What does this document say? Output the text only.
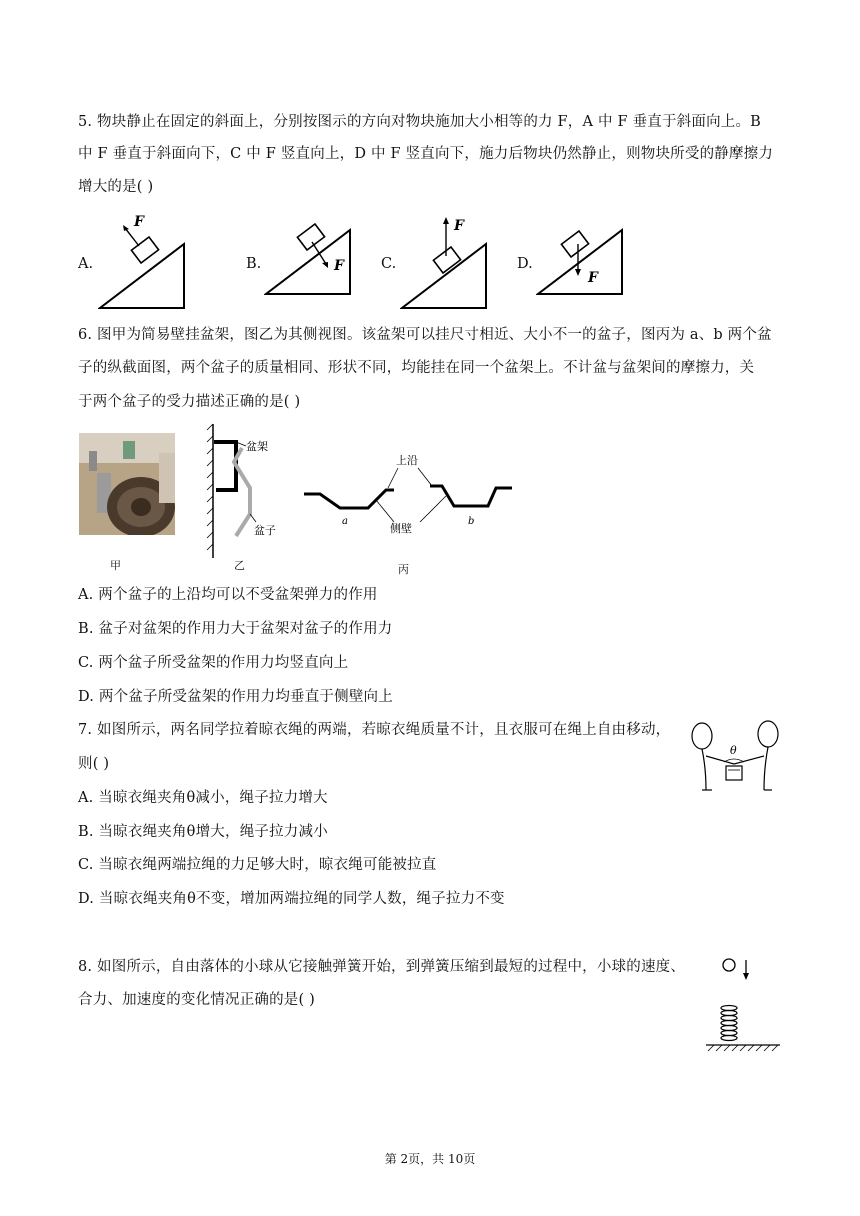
5. 物块静止在固定的斜面上，分别按图示的方向对物块施加大小相等的力 F，A 中 F 垂直于斜面向上。B
中 F 垂直于斜面向下，C 中 F 竖直向上，D 中 F 竖直向下，施力后物块仍然静止，则物块所受的静摩擦力
增大的是( )
A.
F
B.	F	C.
F
D.
F
6. 图甲为简易壁挂盆架，图乙为其侧视图。该盆架可以挂尺寸相近、大小不一的盆子，图丙为 a、b 两个盆
子的纵截面图，两个盆子的质量相同、形状不同，均能挂在同一个盆架上。不计盆与盆架间的摩擦力，关
于两个盆子的受力描述正确的是( )
甲
盆架
盆子
乙
上沿
侧壁
a	b
丙
A. 两个盆子的上沿均可以不受盆架弹力的作用
B. 盆子对盆架的作用力大于盆架对盆子的作用力
C. 两个盆子所受盆架的作用力均竖直向上
D. 两个盆子所受盆架的作用力均垂直于侧壁向上
7. 如图所示，两名同学拉着晾衣绳的两端，若晾衣绳质量不计，且衣服可在绳上自由移动，
则( )
θ
A. 当晾衣绳夹角θ减小，绳子拉力增大
B. 当晾衣绳夹角θ增大，绳子拉力减小
C. 当晾衣绳两端拉绳的力足够大时，晾衣绳可能被拉直
D. 当晾衣绳夹角θ不变，增加两端拉绳的同学人数，绳子拉力不变
8. 如图所示，自由落体的小球从它接触弹簧开始，到弹簧压缩到最短的过程中，小球的速度、
合力、加速度的变化情况正确的是( )
第 2页，共 10页
